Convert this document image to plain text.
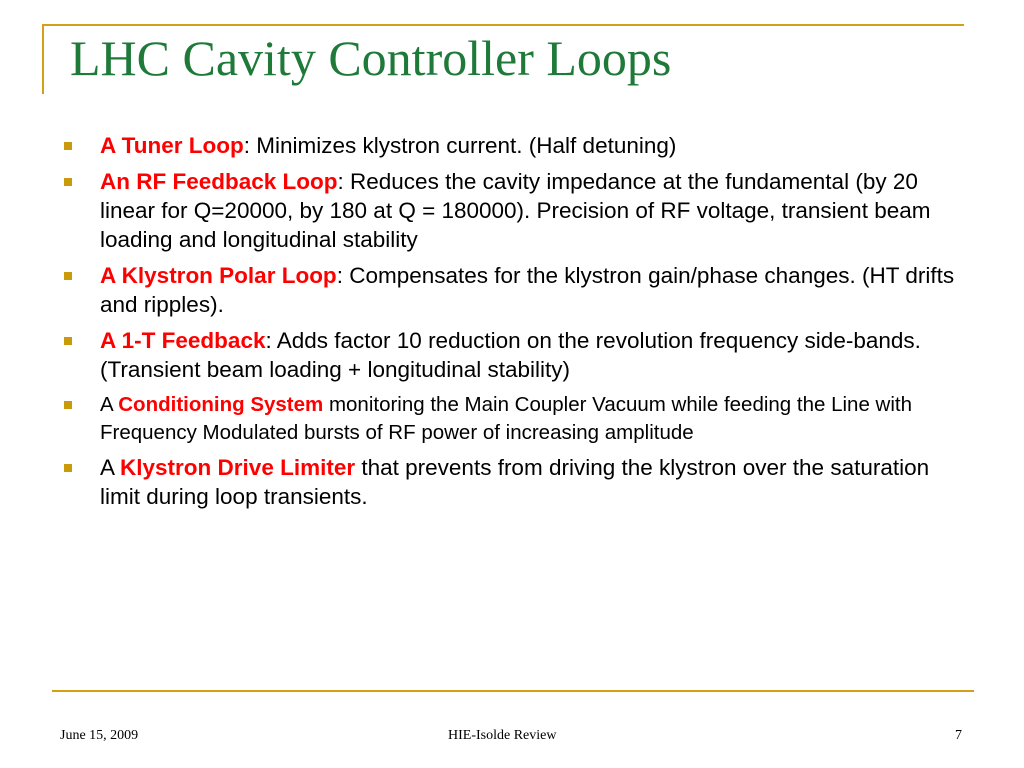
LHC Cavity Controller Loops
A Tuner Loop: Minimizes klystron current. (Half detuning)
An RF Feedback Loop: Reduces the cavity impedance at the fundamental (by 20 linear for Q=20000, by 180 at Q = 180000). Precision of RF voltage, transient beam loading and longitudinal stability
A Klystron Polar Loop: Compensates for the klystron gain/phase changes. (HT drifts and ripples).
A 1-T Feedback: Adds factor 10 reduction on the revolution frequency side-bands. (Transient beam loading + longitudinal stability)
A Conditioning System monitoring the Main Coupler Vacuum while feeding the Line with Frequency Modulated bursts of RF power of increasing amplitude
A Klystron Drive Limiter that prevents from driving the klystron over the saturation limit during loop transients.
June 15, 2009	HIE-Isolde Review	7
